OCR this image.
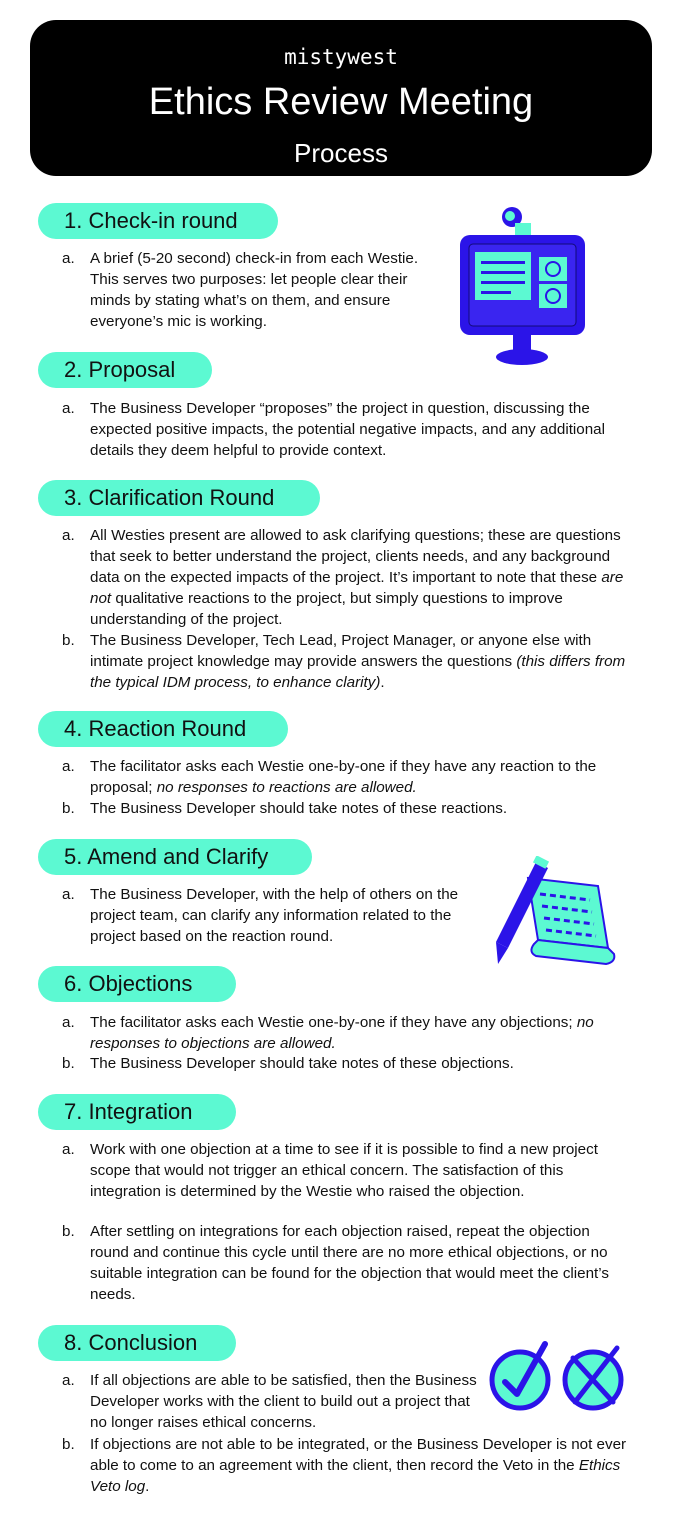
mistywest
Ethics Review Meeting
Process
1. Check-in round
a. A brief (5-20 second) check-in from each Westie. This serves two purposes: let people clear their minds by stating what’s on them, and ensure everyone’s mic is working.
2. Proposal
a. The Business Developer “proposes” the project in question, discussing the expected positive impacts, the potential negative impacts, and any additional details they deem helpful to provide context.
3. Clarification Round
a. All Westies present are allowed to ask clarifying questions; these are questions that seek to better understand the project, clients needs, and any background data on the expected impacts of the project. It’s important to note that these are not qualitative reactions to the project, but simply questions to improve understanding of the project.
b. The Business Developer, Tech Lead, Project Manager, or anyone else with intimate project knowledge may provide answers the questions (this differs from the typical IDM process, to enhance clarity).
4. Reaction Round
a. The facilitator asks each Westie one-by-one if they have any reaction to the proposal; no responses to reactions are allowed.
b. The Business Developer should take notes of these reactions.
5. Amend and Clarify
a. The Business Developer, with the help of others on the project team, can clarify any information related to the project based on the reaction round.
6. Objections
a. The facilitator asks each Westie one-by-one if they have any objections; no responses to objections are allowed.
b. The Business Developer should take notes of these objections.
7. Integration
a. Work with one objection at a time to see if it is possible to find a new project scope that would not trigger an ethical concern. The satisfaction of this integration is determined by the Westie who raised the objection.
b. After settling on integrations for each objection raised, repeat the objection round and continue this cycle until there are no more ethical objections, or no suitable integration can be found for the objection that would meet the client’s needs.
8. Conclusion
a. If all objections are able to be satisfied, then the Business Developer works with the client to build out a project that no longer raises ethical concerns.
b. If objections are not able to be integrated, or the Business Developer is not ever able to come to an agreement with the client, then record the Veto in the Ethics Veto log.
